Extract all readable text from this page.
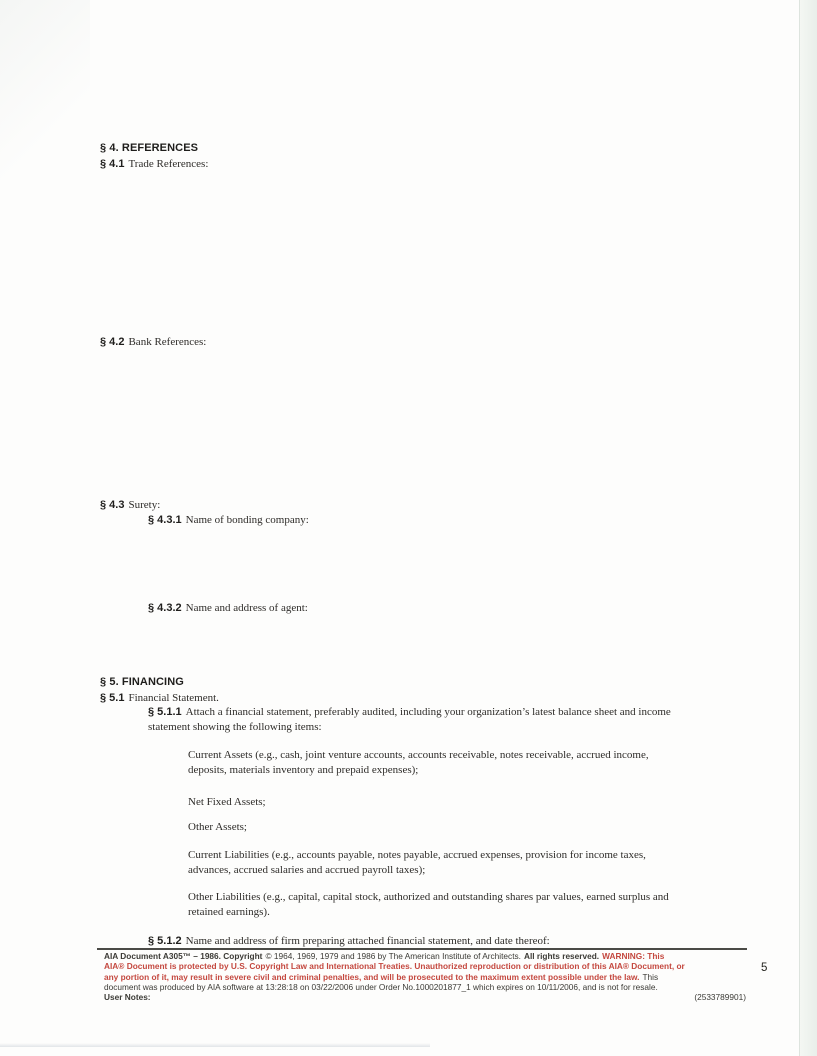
§ 4. REFERENCES
§ 4.1 Trade References:
§ 4.2 Bank References:
§ 4.3 Surety:
§ 4.3.1 Name of bonding company:
§ 4.3.2 Name and address of agent:
§ 5. FINANCING
§ 5.1 Financial Statement.
§ 5.1.1 Attach a financial statement, preferably audited, including your organization’s latest balance sheet and income statement showing the following items:
Current Assets (e.g., cash, joint venture accounts, accounts receivable, notes receivable, accrued income, deposits, materials inventory and prepaid expenses);
Net Fixed Assets;
Other Assets;
Current Liabilities (e.g., accounts payable, notes payable, accrued expenses, provision for income taxes, advances, accrued salaries and accrued payroll taxes);
Other Liabilities (e.g., capital, capital stock, authorized and outstanding shares par values, earned surplus and retained earnings).
§ 5.1.2 Name and address of firm preparing attached financial statement, and date thereof:
AIA Document A305™ – 1986. Copyright © 1964, 1969, 1979 and 1986 by The American Institute of Architects. All rights reserved. WARNING: This
AIA® Document is protected by U.S. Copyright Law and International Treaties. Unauthorized reproduction or distribution of this AIA® Document, or
any portion of it, may result in severe civil and criminal penalties, and will be prosecuted to the maximum extent possible under the law. This
document was produced by AIA software at 13:28:18 on 03/22/2006 under Order No.1000201877_1 which expires on 10/11/2006, and is not for resale.
User Notes:	(2533789901)
5
